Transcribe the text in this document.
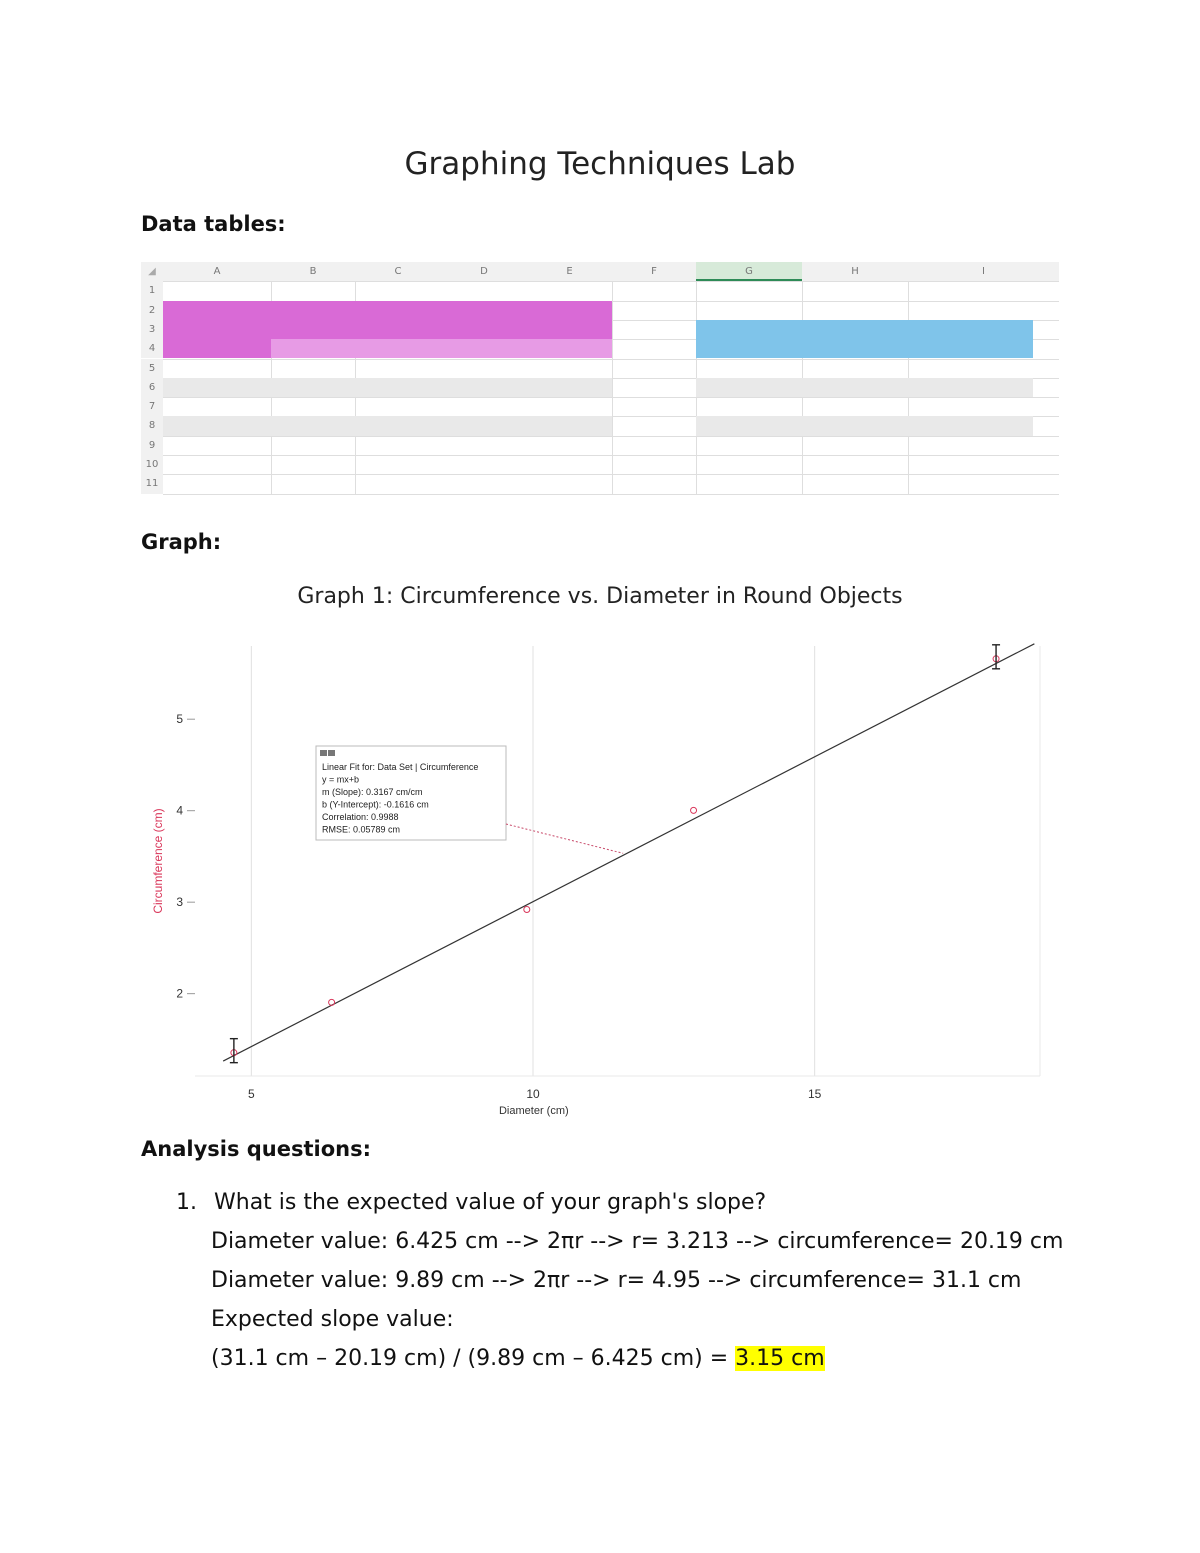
Graphing Techniques Lab
Data tables:
◢	A	B	C	D	E	F	G	H	I
1
2
3
4
5
6
7
8
9
10
11
Graph:
Graph 1: Circumference vs. Diameter in Round Objects
5	10	15
2
3
4
5
Diameter (cm)
Circumference (cm)
Linear Fit for: Data Set | Circumference
y = mx+b
m (Slope): 0.3167 cm/cm
b (Y-Intercept): -0.1616 cm
Correlation: 0.9988
RMSE: 0.05789 cm
Analysis questions:
1. What is the expected value of your graph's slope?
Diameter value: 6.425 cm --> 2πr --> r= 3.213 --> circumference= 20.19 cm
Diameter value: 9.89 cm --> 2πr --> r= 4.95 --> circumference= 31.1 cm
Expected slope value:
(31.1 cm – 20.19 cm) / (9.89 cm – 6.425 cm) = 3.15 cm
